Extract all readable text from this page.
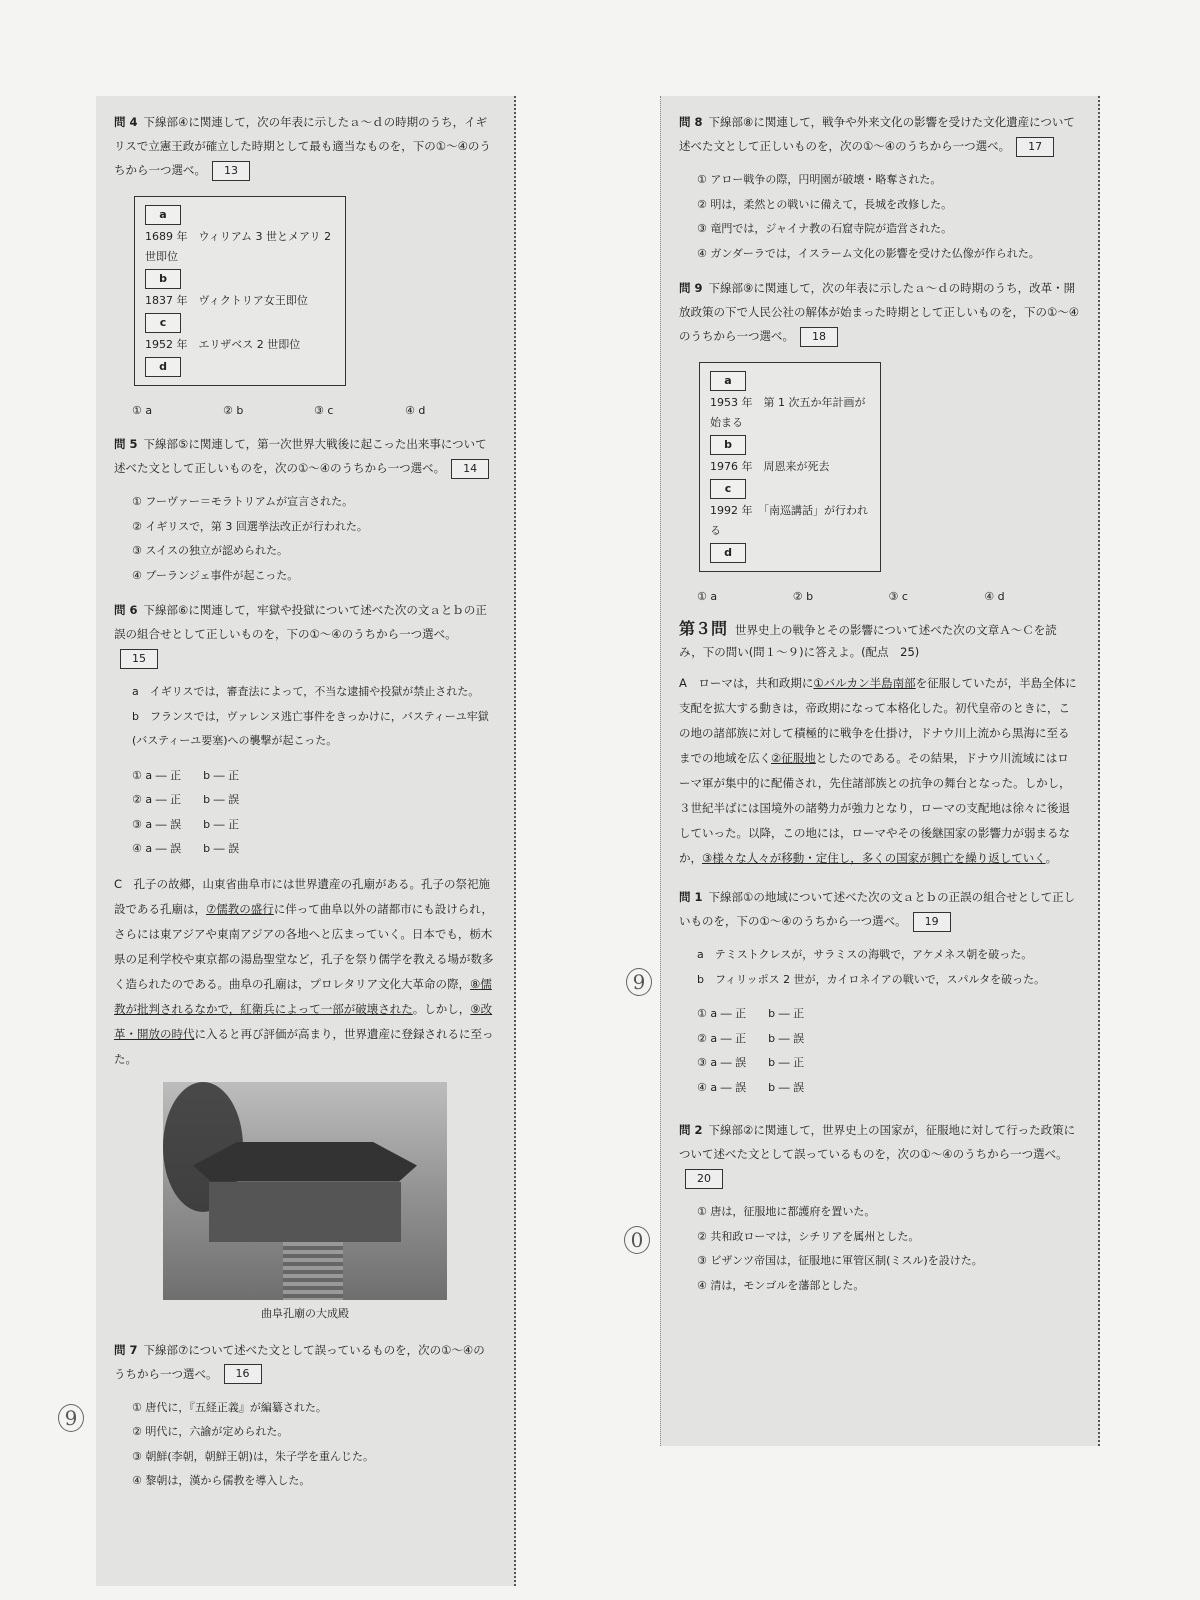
問 4 下線部④に関連して，次の年表に示したａ～ｄの時期のうち，イギリスで立憲王政が確立した時期として最も適当なものを，下の①～④のうちから一つ選べ。 13

a
1689 年　ウィリアム 3 世とメアリ 2 世即位
b
1837 年　ヴィクトリア女王即位
c
1952 年　エリザベス 2 世即位
d
① a	② b	③ c	④ d

問 5 下線部⑤に関連して，第一次世界大戦後に起こった出来事について述べた文として正しいものを，次の①～④のうちから一つ選べ。 14

① フーヴァー＝モラトリアムが宣言された。
② イギリスで，第 3 回選挙法改正が行われた。
③ スイスの独立が認められた。
④ ブーランジェ事件が起こった。

問 6 下線部⑥に関連して，牢獄や投獄について述べた次の文ａとｂの正誤の組合せとして正しいものを，下の①～④のうちから一つ選べ。15

a　イギリスでは，審査法によって，不当な逮捕や投獄が禁止された。
b　フランスでは，ヴァレンヌ逃亡事件をきっかけに，バスティーユ牢獄(バスティーユ要塞)への襲撃が起こった。
① a ― 正　　b ― 正
② a ― 正　　b ― 誤
③ a ― 誤　　b ― 正
④ a ― 誤　　b ― 誤

C　孔子の故郷，山東省曲阜市には世界遺産の孔廟がある。孔子の祭祀施設である孔廟は，⑦儒教の盛行に伴って曲阜以外の諸都市にも設けられ，さらには東アジアや東南アジアの各地へと広まっていく。日本でも，栃木県の足利学校や東京都の湯島聖堂など，孔子を祭り儒学を教える場が数多く造られたのである。曲阜の孔廟は，プロレタリア文化大革命の際，⑧儒教が批判されるなかで，紅衛兵によって一部が破壊された。しかし，⑨改革・開放の時代に入ると再び評価が高まり，世界遺産に登録されるに至った。

曲阜孔廟の大成殿

問 7 下線部⑦について述べた文として誤っているものを，次の①～④のうちから一つ選べ。 16

① 唐代に，『五経正義』が編纂された。
② 明代に，六諭が定められた。
③ 朝鮮(李朝，朝鮮王朝)は，朱子学を重んじた。
④ 黎朝は，漢から儒教を導入した。

問 8 下線部⑧に関連して，戦争や外来文化の影響を受けた文化遺産について述べた文として正しいものを，次の①～④のうちから一つ選べ。 17

① アロー戦争の際，円明園が破壊・略奪された。
② 明は，柔然との戦いに備えて，長城を改修した。
③ 竜門では，ジャイナ教の石窟寺院が造営された。
④ ガンダーラでは，イスラーム文化の影響を受けた仏像が作られた。

問 9 下線部⑨に関連して，次の年表に示したａ～ｄの時期のうち，改革・開放政策の下で人民公社の解体が始まった時期として正しいものを，下の①～④のうちから一つ選べ。 18

a
1953 年　第 1 次五か年計画が始まる
b
1976 年　周恩来が死去
c
1992 年　「南巡講話」が行われる
d
① a	② b	③ c	④ d

第３問 世界史上の戦争とその影響について述べた次の文章Ａ～Ｃを読み，下の問い(問１～９)に答えよ。(配点　25)

A　ローマは，共和政期に①バルカン半島南部を征服していたが，半島全体に支配を拡大する動きは，帝政期になって本格化した。初代皇帝のときに，この地の諸部族に対して積極的に戦争を仕掛け，ドナウ川上流から黒海に至るまでの地域を広く②征服地としたのである。その結果，ドナウ川流域にはローマ軍が集中的に配備され，先住諸部族との抗争の舞台となった。しかし，３世紀半ばには国境外の諸勢力が強力となり，ローマの支配地は徐々に後退していった。以降，この地には，ローマやその後継国家の影響力が弱まるなか，③様々な人々が移動・定住し，多くの国家が興亡を繰り返していく。

問 1 下線部①の地域について述べた次の文ａとｂの正誤の組合せとして正しいものを，下の①～④のうちから一つ選べ。 19

a　テミストクレスが，サラミスの海戦で，アケメネス朝を破った。
b　フィリッポス 2 世が，カイロネイアの戦いで，スパルタを破った。
① a ― 正　　b ― 正
② a ― 正　　b ― 誤
③ a ― 誤　　b ― 正
④ a ― 誤　　b ― 誤

問 2 下線部②に関連して，世界史上の国家が，征服地に対して行った政策について述べた文として誤っているものを，次の①～④のうちから一つ選べ。20

① 唐は，征服地に都護府を置いた。
② 共和政ローマは，シチリアを属州とした。
③ ビザンツ帝国は，征服地に軍管区制(ミスル)を設けた。
④ 清は，モンゴルを藩部とした。
9
0
9
